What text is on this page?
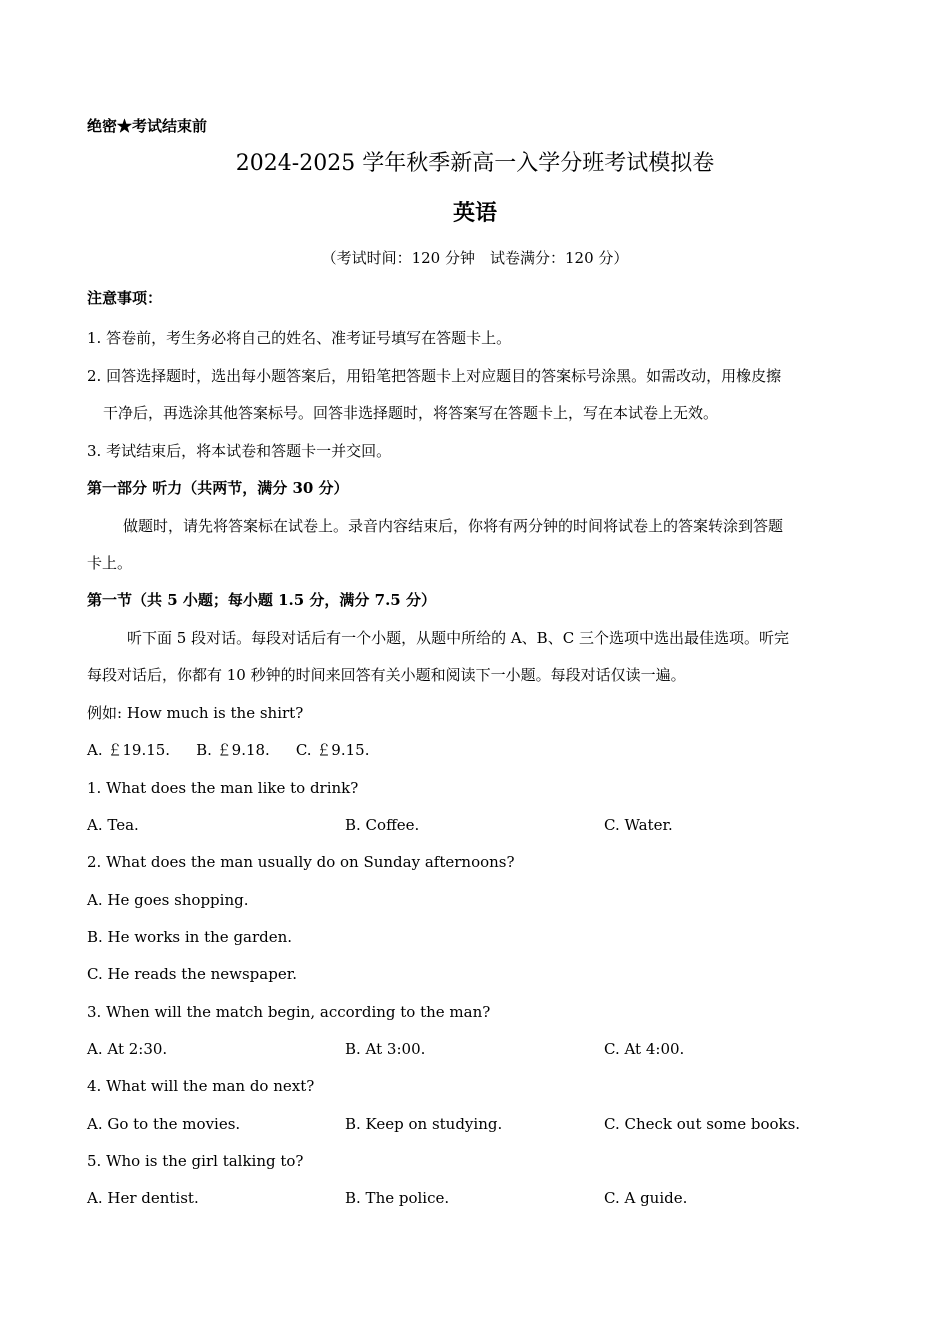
绝密★考试结束前
2024-2025 学年秋季新高一入学分班考试模拟卷
英语
（考试时间：120 分钟　试卷满分：120 分）
注意事项：
1. 答卷前，考生务必将自己的姓名、准考证号填写在答题卡上。
2. 回答选择题时，选出每小题答案后，用铅笔把答题卡上对应题目的答案标号涂黑。如需改动，用橡皮擦
干净后，再选涂其他答案标号。回答非选择题时，将答案写在答题卡上，写在本试卷上无效。
3. 考试结束后，将本试卷和答题卡一并交回。
第一部分 听力（共两节，满分 30 分）
做题时，请先将答案标在试卷上。录音内容结束后，你将有两分钟的时间将试卷上的答案转涂到答题
卡上。
第一节（共 5 小题；每小题 1.5 分，满分 7.5 分）
听下面 5 段对话。每段对话后有一个小题，从题中所给的 A、B、C 三个选项中选出最佳选项。听完
每段对话后，你都有 10 秒钟的时间来回答有关小题和阅读下一小题。每段对话仅读一遍。
例如: How much is the shirt?
A. ￡19.15. B. ￡9.18. C. ￡9.15.
1. What does the man like to drink?
A. Tea.	B. Coffee.	C. Water.
2. What does the man usually do on Sunday afternoons?
A. He goes shopping.
B. He works in the garden.
C. He reads the newspaper.
3. When will the match begin, according to the man?
A. At 2:30.	B. At 3:00.	C. At 4:00.
4. What will the man do next?
A. Go to the movies.	B. Keep on studying.	C. Check out some books.
5. Who is the girl talking to?
A. Her dentist.	B. The police.	C. A guide.
